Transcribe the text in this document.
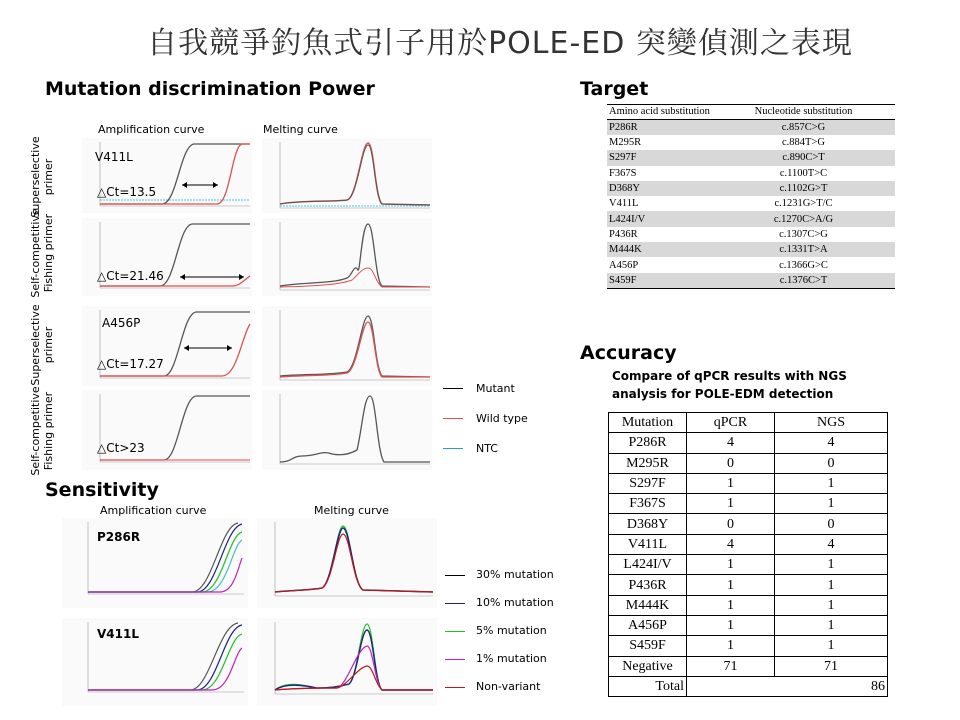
自我競爭釣魚式引子用於POLE-ED 突變偵測之表現
Mutation discrimination Power
Amplification curve	Melting curve
Superselective primer
Self-competitive Fishing primer
Superselective primer
Self-competitive Fishing primer
V411L
△Ct=13.5
△Ct=21.46
A456P
△Ct=17.27
△Ct>23
Mutant
Wild type
NTC
Sensitivity
Amplification curve	Melting curve
P286R
V411L
30% mutation
10% mutation
5% mutation
1% mutation
Non-variant
Target
Amino acid substitution	Nucleotide substitution
P286R	c.857C>G
M295R	c.884T>G
S297F	c.890C>T
F367S	c.1100T>C
D368Y	c.1102G>T
V411L	c.1231G>T/C
L424I/V	c.1270C>A/G
P436R	c.1307C>G
M444K	c.1331T>A
A456P	c.1366G>C
S459F	c.1376C>T
Accuracy
Compare of qPCR results with NGS
analysis for POLE-EDM detection
Mutation	qPCR	NGS
P286R	4	4
M295R	0	0
S297F	1	1
F367S	1	1
D368Y	0	0
V411L	4	4
L424I/V	1	1
P436R	1	1
M444K	1	1
A456P	1	1
S459F	1	1
Negative	71	71
Total	86	
